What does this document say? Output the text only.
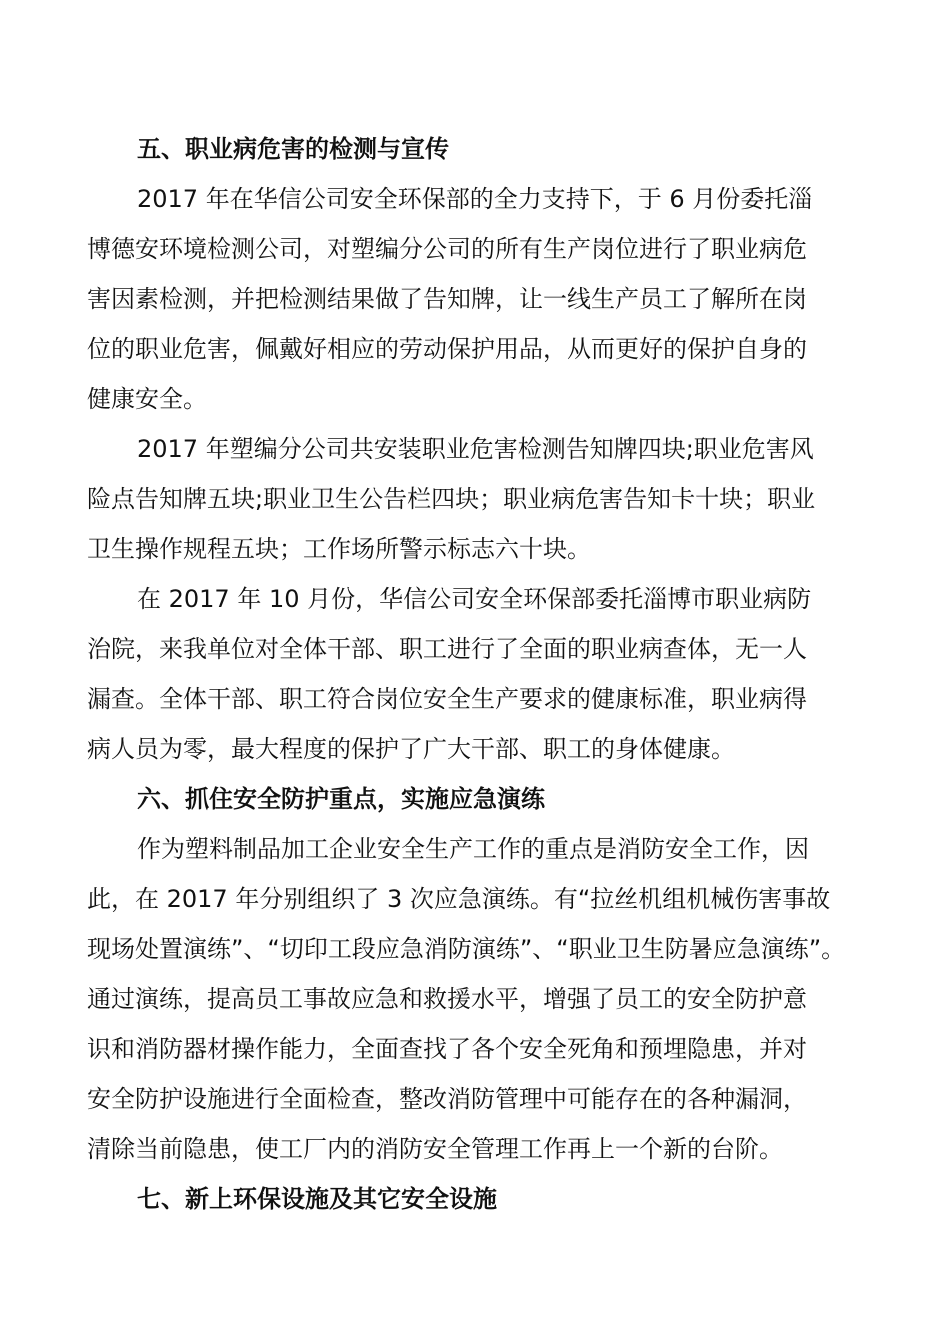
五、职业病危害的检测与宣传
2017 年在华信公司安全环保部的全力支持下，于 6 月份委托淄
博德安环境检测公司，对塑编分公司的所有生产岗位进行了职业病危
害因素检测，并把检测结果做了告知牌，让一线生产员工了解所在岗
位的职业危害，佩戴好相应的劳动保护用品，从而更好的保护自身的
健康安全。
2017 年塑编分公司共安装职业危害检测告知牌四块;职业危害风
险点告知牌五块;职业卫生公告栏四块；职业病危害告知卡十块；职业
卫生操作规程五块；工作场所警示标志六十块。
在 2017 年 10 月份，华信公司安全环保部委托淄博市职业病防
治院，来我单位对全体干部、职工进行了全面的职业病查体，无一人
漏查。全体干部、职工符合岗位安全生产要求的健康标准，职业病得
病人员为零，最大程度的保护了广大干部、职工的身体健康。
六、抓住安全防护重点，实施应急演练
作为塑料制品加工企业安全生产工作的重点是消防安全工作，因
此，在 2017 年分别组织了 3 次应急演练。有“拉丝机组机械伤害事故
现场处置演练”、“切印工段应急消防演练”、“职业卫生防暑应急演练”。
通过演练，提高员工事故应急和救援水平，增强了员工的安全防护意
识和消防器材操作能力，全面查找了各个安全死角和预埋隐患，并对
安全防护设施进行全面检查，整改消防管理中可能存在的各种漏洞，
清除当前隐患，使工厂内的消防安全管理工作再上一个新的台阶。
七、新上环保设施及其它安全设施
